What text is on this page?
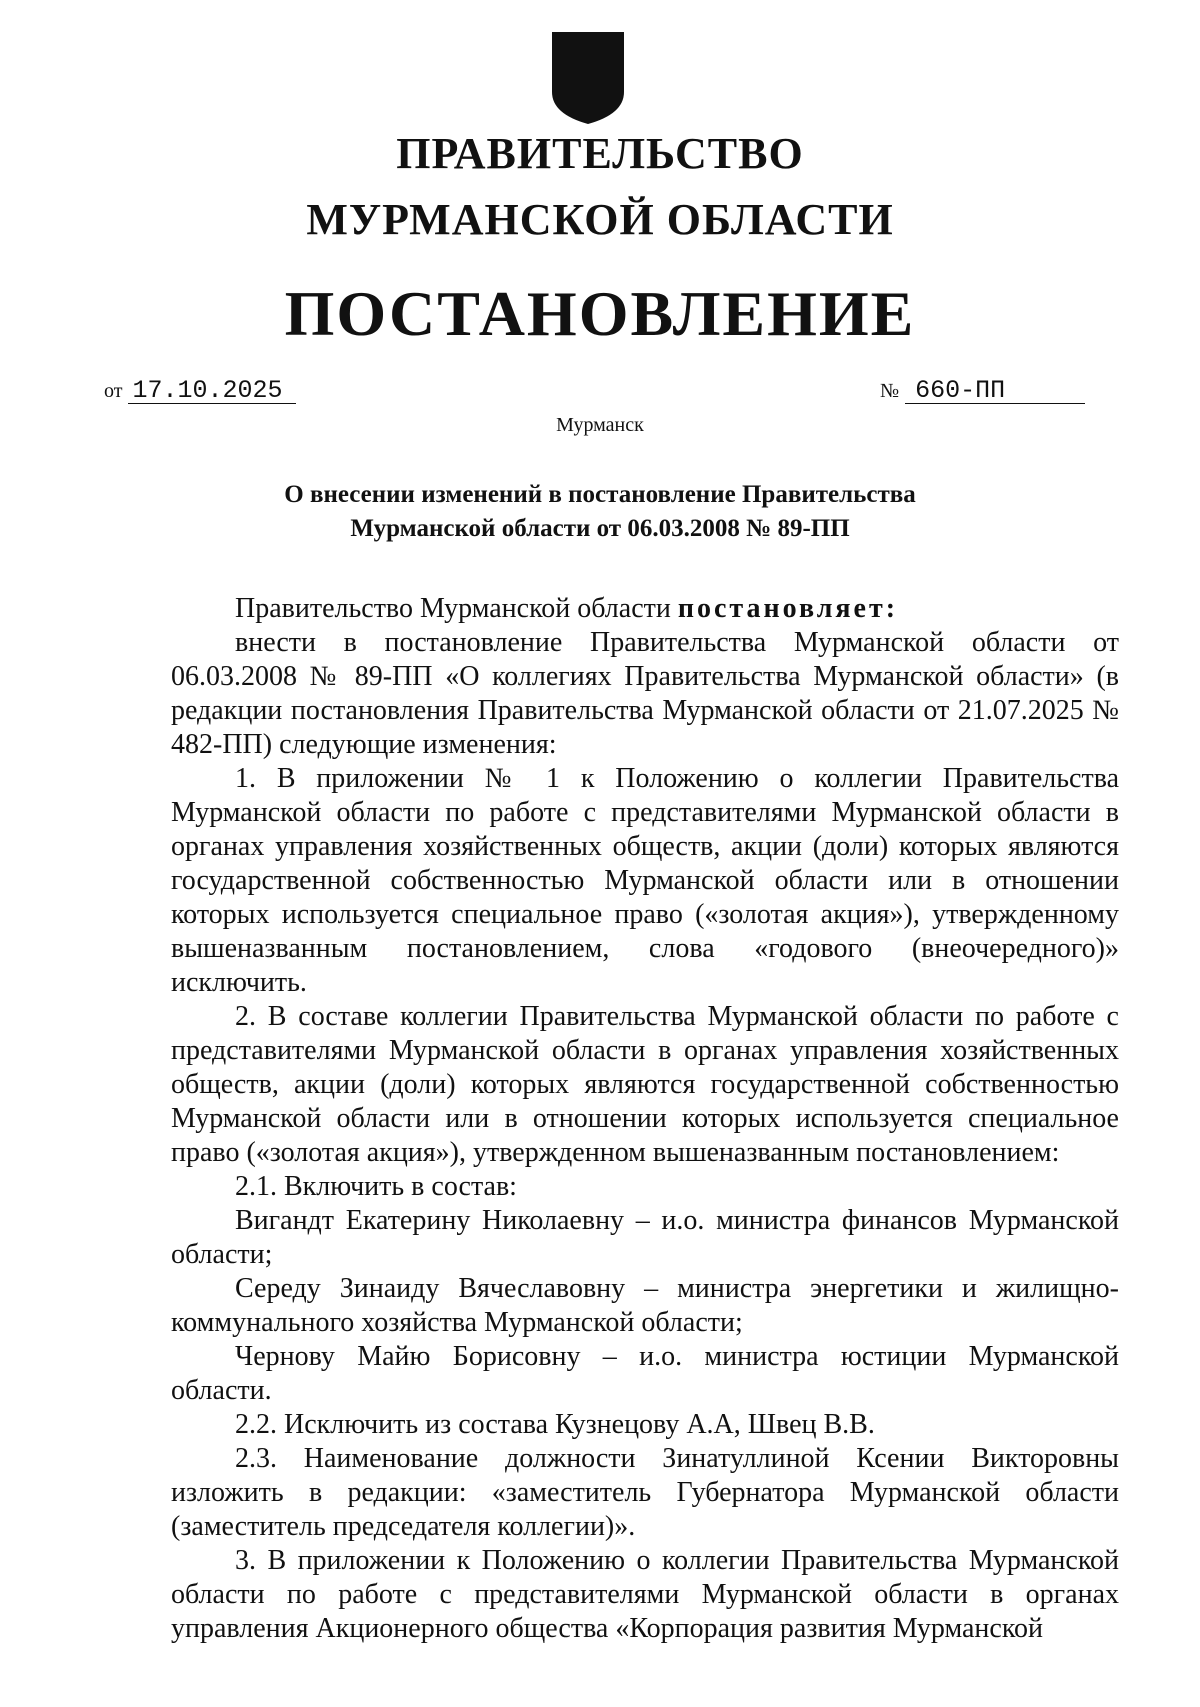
ПРАВИТЕЛЬСТВО
МУРМАНСКОЙ ОБЛАСТИ
ПОСТАНОВЛЕНИЕ
от 17.10.2025	№ 660-ПП
Мурманск
О внесении изменений в постановление Правительства
Мурманской области от 06.03.2008 № 89-ПП

Правительство Мурманской области постановляет:

внести в постановление Правительства Мурманской области от 06.03.2008 № 89-ПП «О коллегиях Правительства Мурманской области» (в редакции постановления Правительства Мурманской области от 21.07.2025 № 482-ПП) следующие изменения:

1. В приложении № 1 к Положению о коллегии Правительства Мурманской области по работе с представителями Мурманской области в органах управления хозяйственных обществ, акции (доли) которых являются государственной собственностью Мурманской области или в отношении которых используется специальное право («золотая акция»), утвержденному вышеназванным постановлением, слова «годового (внеочередного)» исключить.

2. В составе коллегии Правительства Мурманской области по работе с представителями Мурманской области в органах управления хозяйственных обществ, акции (доли) которых являются государственной собственностью Мурманской области или в отношении которых используется специальное право («золотая акция»), утвержденном вышеназванным постановлением:

2.1. Включить в состав:

Вигандт Екатерину Николаевну – и.о. министра финансов Мурманской области;

Середу Зинаиду Вячеславовну – министра энергетики и жилищно-коммунального хозяйства Мурманской области;

Чернову Майю Борисовну – и.о. министра юстиции Мурманской области.

2.2. Исключить из состава Кузнецову А.А, Швец В.В.

2.3. Наименование должности Зинатуллиной Ксении Викторовны изложить в редакции: «заместитель Губернатора Мурманской области (заместитель председателя коллегии)».

3. В приложении к Положению о коллегии Правительства Мурманской области по работе с представителями Мурманской области в органах управления Акционерного общества «Корпорация развития Мурманской
